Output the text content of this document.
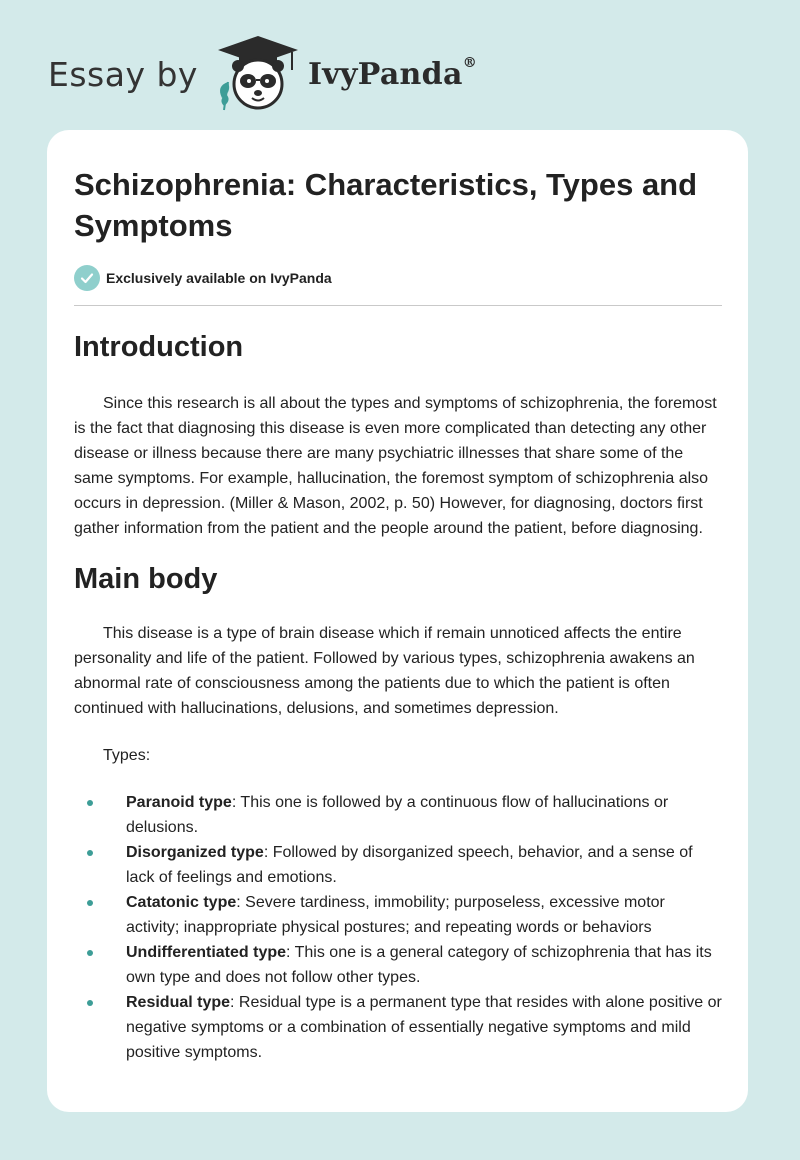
Essay by	IvyPanda®
Schizophrenia: Characteristics, Types and Symptoms
Exclusively available on IvyPanda
Introduction

Since this research is all about the types and symptoms of schizophrenia, the foremost is the fact that diagnosing this disease is even more complicated than detecting any other disease or illness because there are many psychiatric illnesses that share some of the same symptoms. For example, hallucination, the foremost symptom of schizophrenia also occurs in depression. (Miller & Mason, 2002, p. 50) However, for diagnosing, doctors first gather information from the patient and the people around the patient, before diagnosing.

Main body

This disease is a type of brain disease which if remain unnoticed affects the entire personality and life of the patient. Followed by various types, schizophrenia awakens an abnormal rate of consciousness among the patients due to which the patient is often continued with hallucinations, delusions, and sometimes depression.

Types:

Paranoid type: This one is followed by a continuous flow of hallucinations or delusions.
Disorganized type: Followed by disorganized speech, behavior, and a sense of lack of feelings and emotions.
Catatonic type: Severe tardiness, immobility; purposeless, excessive motor activity; inappropriate physical postures; and repeating words or behaviors
Undifferentiated type: This one is a general category of schizophrenia that has its own type and does not follow other types.
Residual type: Residual type is a permanent type that resides with alone positive or negative symptoms or a combination of essentially negative symptoms and mild positive symptoms.
